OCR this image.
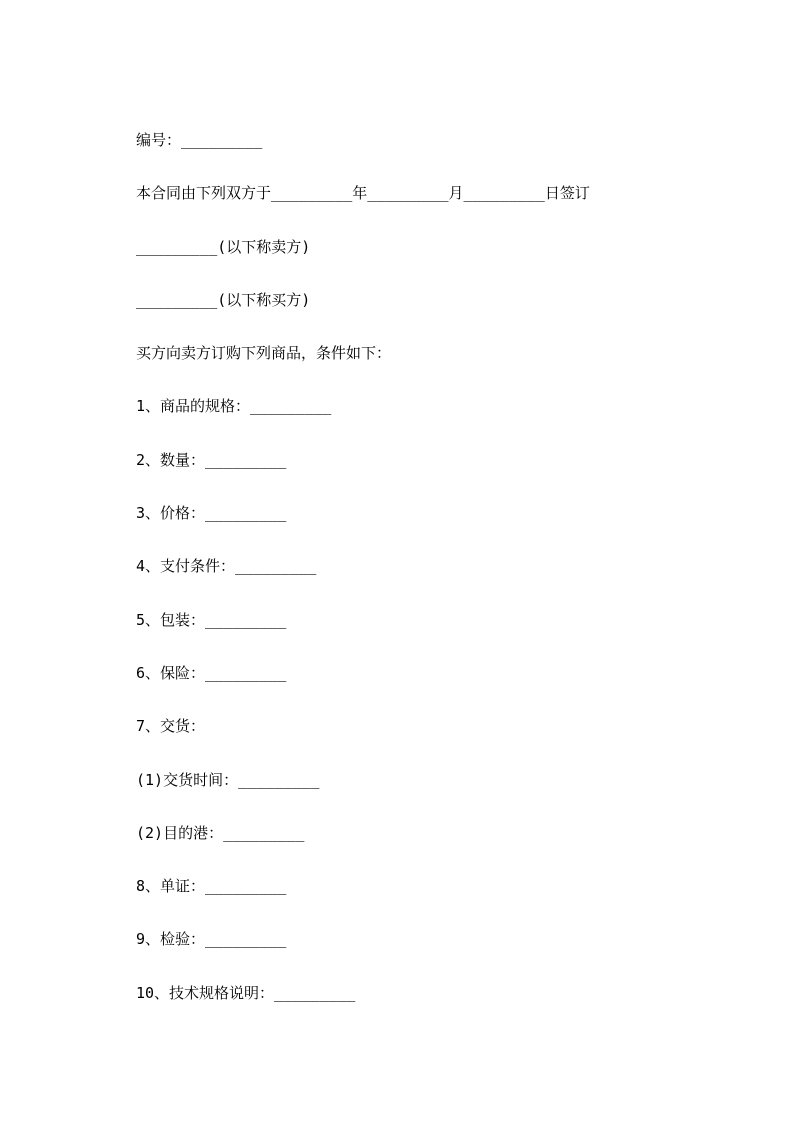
编号：_________
本合同由下列双方于_________年_________月_________日签订
_________(以下称卖方)
_________(以下称买方)
买方向卖方订购下列商品，条件如下：
1、商品的规格：_________
2、数量：_________
3、价格：_________
4、支付条件：_________
5、包装：_________
6、保险：_________
7、交货：
(1)交货时间：_________
(2)目的港：_________
8、单证：_________
9、检验：_________
10、技术规格说明：_________
